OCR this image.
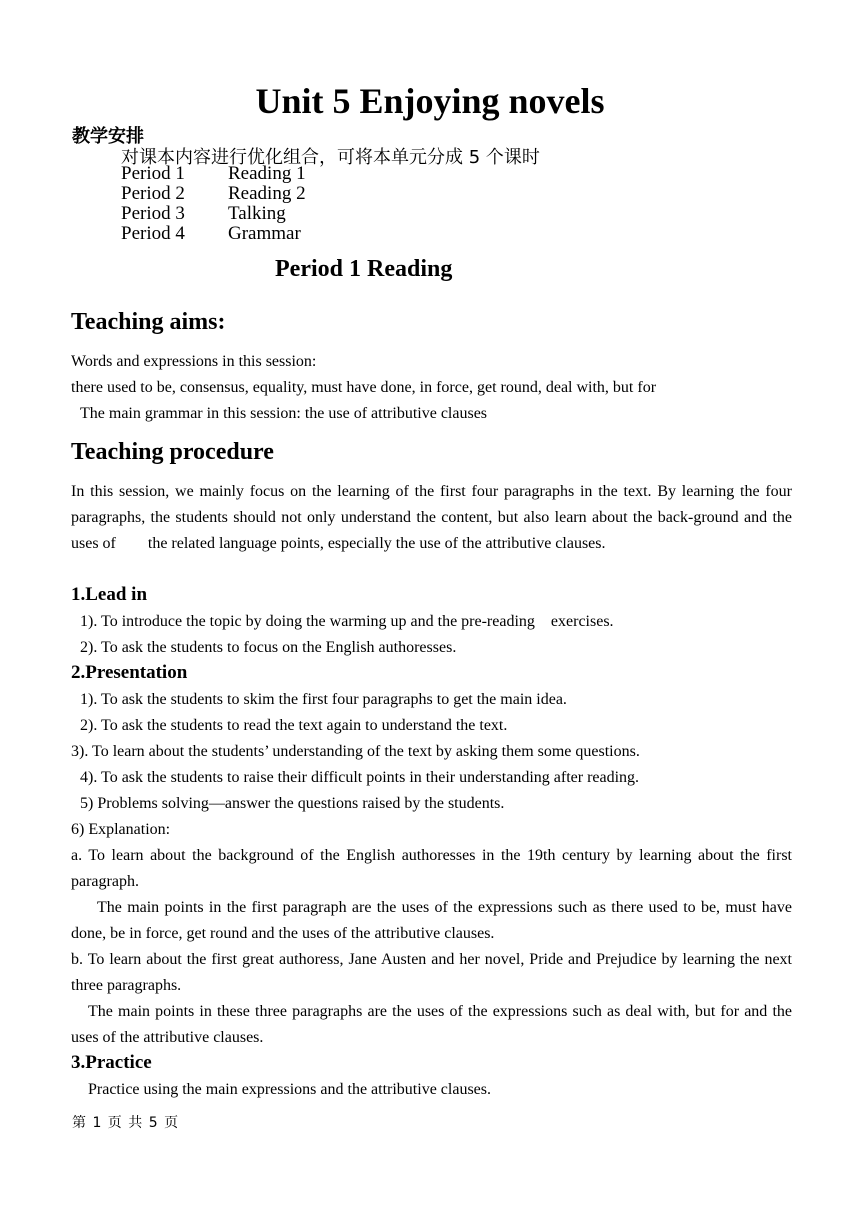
Unit 5 Enjoying novels
教学安排
对课本内容进行优化组合，可将本单元分成 5 个课时
Period 1	Reading 1
Period 2	Reading 2
Period 3	Talking
Period 4	Grammar
Period 1 Reading
Teaching aims:
Words and expressions in this session:
there used to be, consensus, equality, must have done, in force, get round, deal with, but for
The main grammar in this session: the use of attributive clauses
Teaching procedure
In this session, we mainly focus on the learning of the first four paragraphs in the text. By learning the four paragraphs, the students should not only understand the content, but also learn about the back-ground and the uses of        the related language points, especially the use of the attributive clauses.
1.Lead in
1). To introduce the topic by doing the warming up and the pre-reading    exercises.
2). To ask the students to focus on the English authoresses.
2.Presentation
1). To ask the students to skim the first four paragraphs to get the main idea.
2). To ask the students to read the text again to understand the text.
3). To learn about the students’ understanding of the text by asking them some questions.
4). To ask the students to raise their difficult points in their understanding after reading.
5) Problems solving—answer the questions raised by the students.
6) Explanation:
a. To learn about the background of the English authoresses in the 19th century by learning about the first paragraph.
The main points in the first paragraph are the uses of the expressions such as there used to be, must have done, be in force, get round and the uses of the attributive clauses.
b. To learn about the first great authoress, Jane Austen and her novel, Pride and Prejudice by learning the next three paragraphs.
The main points in these three paragraphs are the uses of the expressions such as deal with, but for and the uses of the attributive clauses.
3.Practice
Practice using the main expressions and the attributive clauses.
第 1 页 共 5 页
